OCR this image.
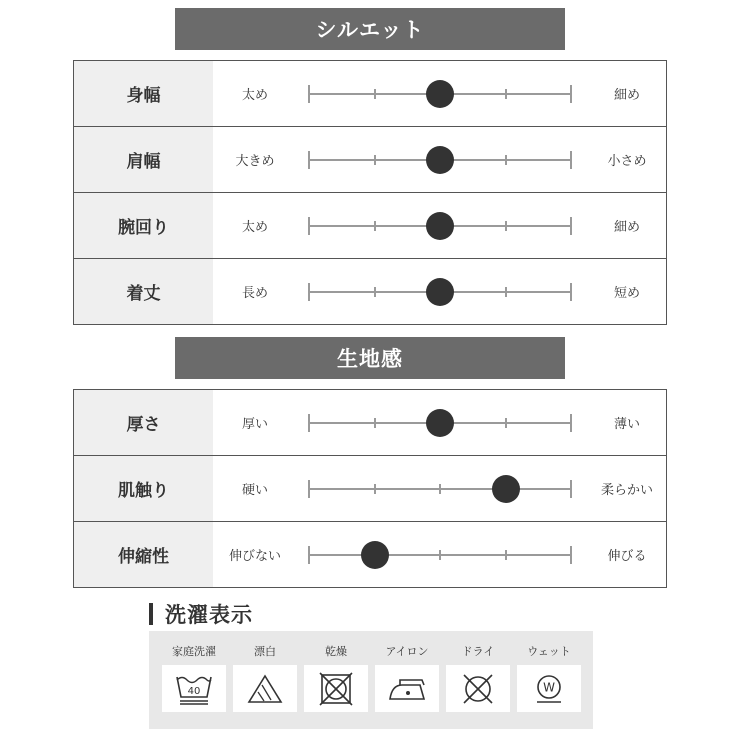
シルエット
身幅	太め	細め
肩幅	大きめ	小さめ
腕回り	太め	細め
着丈	長め	短め
生地感
厚さ	厚い	薄い
肌触り	硬い	柔らかい
伸縮性	伸びない	伸びる
洗濯表示
家庭洗濯
40
漂白	乾燥	アイロン	ドライ	ウェット
W
